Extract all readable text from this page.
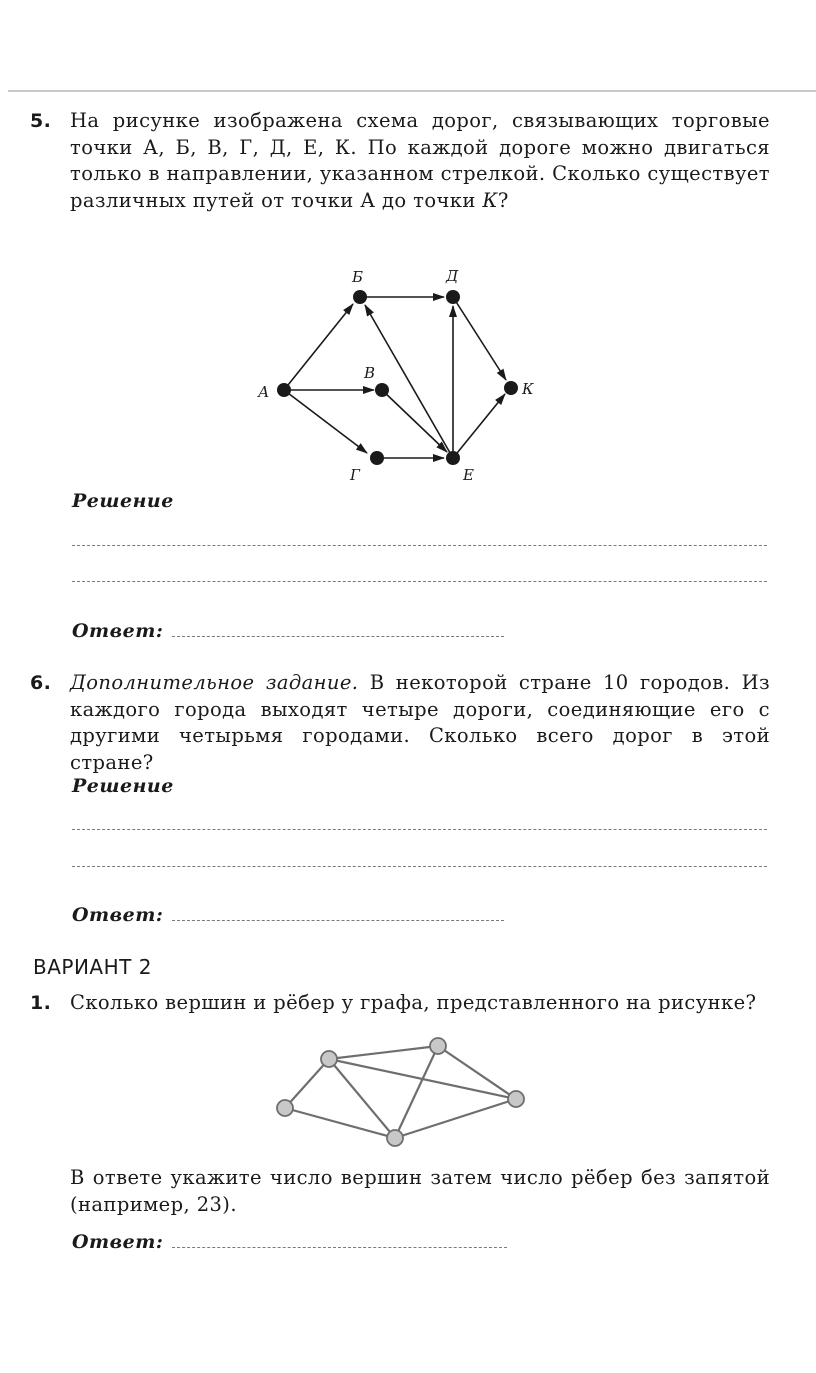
5. На рисунке изображена схема дорог, связывающих торговые точки А, Б, В, Г, Д, Е, К. По каждой дороге можно двигаться только в направлении, указанном стрелкой. Сколько существует различных путей от точки А до точки К?
А
Б
В
Г
Д
Е
К
Решение
Ответ:
6. Дополнительное задание. В некоторой стране 10 городов. Из каждого города выходят четыре дороги, соединяющие его с другими четырьмя городами. Сколько всего дорог в этой стране?
Решение
Ответ:
ВАРИАНТ 2
1. Сколько вершин и рёбер у графа, представленного на рисунке?
В ответе укажите число вершин затем число рёбер без запятой (например, 23).
Ответ:
